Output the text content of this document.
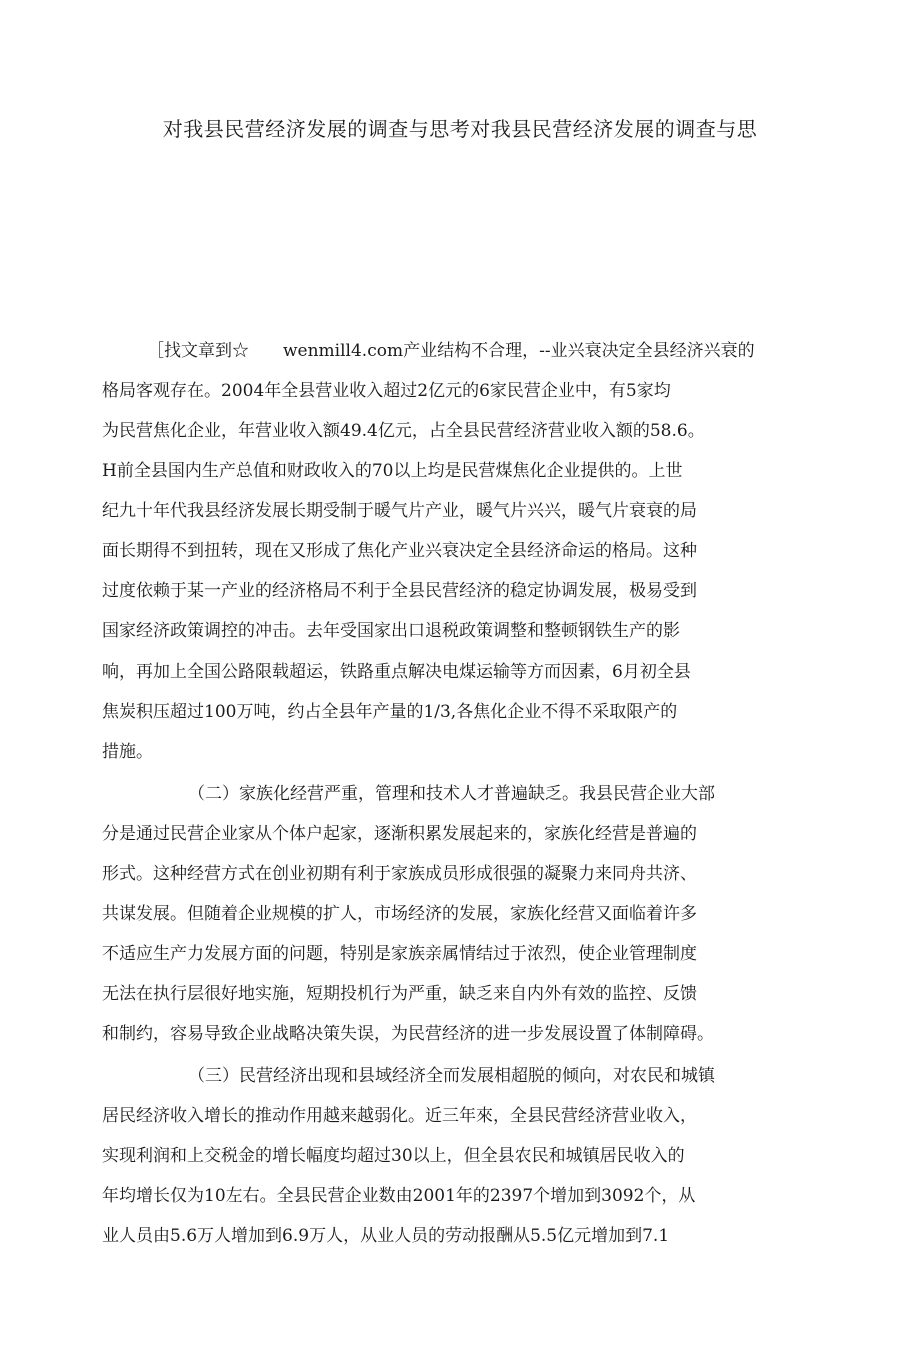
对我县民营经济发展的调查与思考对我县民营经济发展的调查与思
［找文章到☆　　wenmill4.com产业结构不合理，--业兴衰决定全县经济兴衰的
格局客观存在。2004年全县营业收入超过2亿元的6家民营企业中，有5家均
为民营焦化企业，年营业收入额49.4亿元，占全县民营经济营业收入额的58.6。
H前全县国内生产总值和财政收入的70以上均是民营煤焦化企业提供的。上世
纪九十年代我县经济发展长期受制于暖气片产业，暖气片兴兴，暖气片衰衰的局
面长期得不到扭转，现在又形成了焦化产业兴衰决定全县经济命运的格局。这种
过度依赖于某一产业的经济格局不利于全县民营经济的稳定协调发展，极易受到
国家经济政策调控的冲击。去年受国家出口退税政策调整和整顿钢铁生产的影
响，再加上全国公路限载超运，铁路重点解决电煤运输等方而因素，6月初全县
焦炭积压超过100万吨，约占全县年产量的1/3,各焦化企业不得不采取限产的
措施。
（二）家族化经营严重，管理和技术人才普遍缺乏。我县民营企业大部
分是通过民营企业家从个体户起家，逐渐积累发展起来的，家族化经营是普遍的
形式。这种经营方式在创业初期有利于家族成员形成很强的凝聚力来同舟共济、
共谋发展。但随着企业规模的扩人，市场经济的发展，家族化经营又面临着许多
不适应生产力发展方面的问题，特别是家族亲属情结过于浓烈，使企业管理制度
无法在执行层很好地实施，短期投机行为严重，缺乏来自内外有效的监控、反馈
和制约，容易导致企业战略决策失误，为民营经济的进一步发展设置了体制障碍。
（三）民营经济出现和县域经济全而发展相超脱的倾向，对农民和城镇
居民经济收入增长的推动作用越来越弱化。近三年來，全县民营经济营业收入，
实现利润和上交税金的增长幅度均超过30以上，但全县农民和城镇居民收入的
年均增长仅为10左右。全县民营企业数由2001年的2397个增加到3092个，从
业人员由5.6万人增加到6.9万人，从业人员的劳动报酬从5.5亿元增加到7.1
